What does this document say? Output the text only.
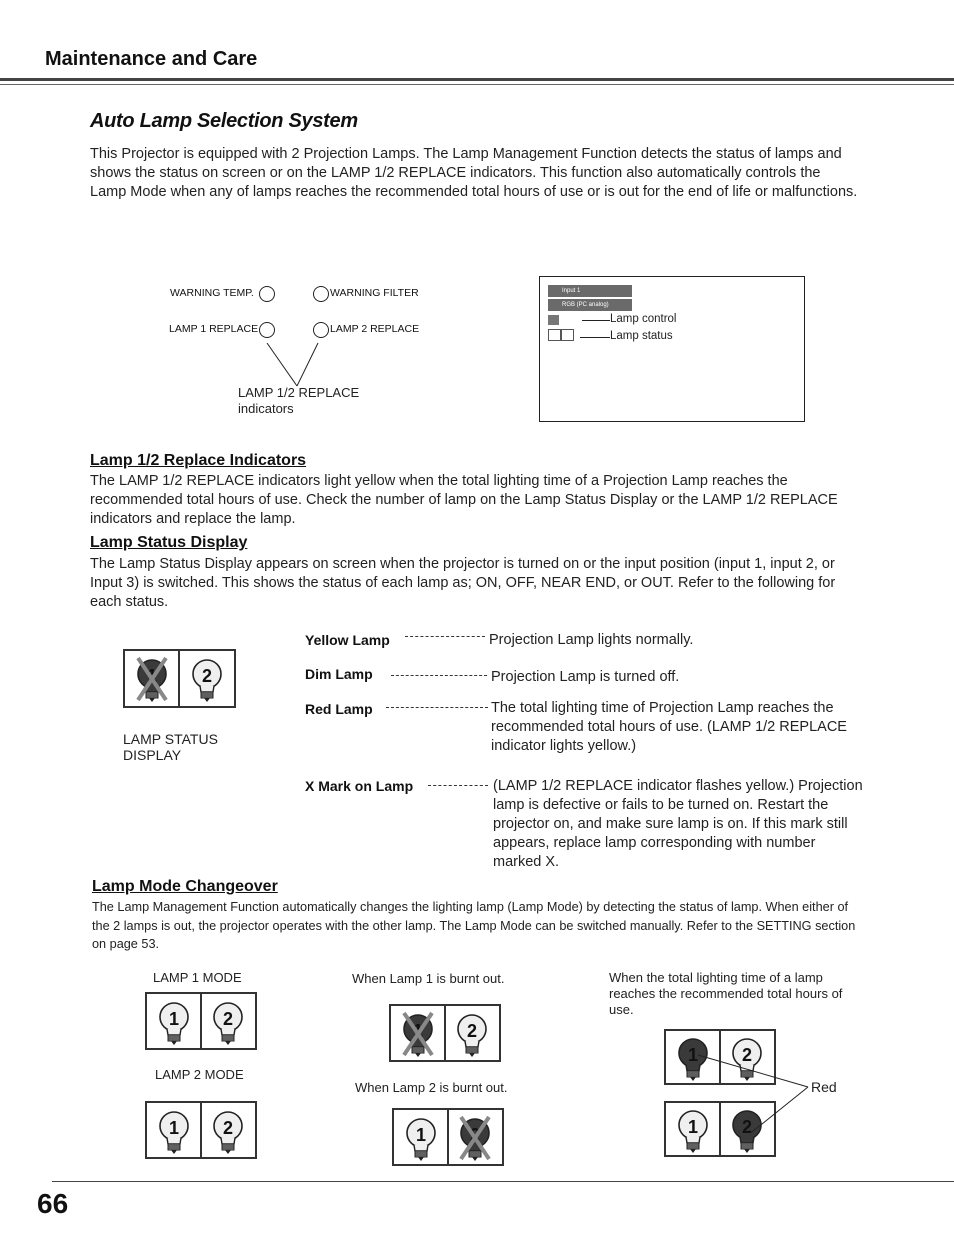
Maintenance and Care
Auto Lamp Selection System
This Projector is equipped with 2 Projection Lamps. The Lamp Management Function detects the status of lamps and shows the status on screen or on the LAMP 1/2 REPLACE indicators. This function also automatically controls the Lamp Mode when any of lamps reaches the recommended total hours of use or is out for the end of life or malfunctions.
WARNING TEMP.	WARNING FILTER
LAMP 1 REPLACE	LAMP 2 REPLACE
LAMP 1/2 REPLACE indicators
Input 1
RGB (PC analog)
Lamp control
Lamp status
Lamp 1/2 Replace Indicators
The LAMP 1/2 REPLACE indicators light yellow when the total lighting time of a Projection Lamp reaches the recommended total hours of use. Check the number of lamp on the Lamp Status Display or the LAMP 1/2 REPLACE indicators and replace the lamp.
Lamp Status Display
The Lamp Status Display appears on screen when the projector is turned on or the input position (input 1, input 2, or Input 3) is switched. This shows the status of each lamp as; ON, OFF, NEAR END, or OUT. Refer to the following for each status.
2
LAMP STATUS DISPLAY
Yellow Lamp	Projection Lamp lights normally.
Dim Lamp	Projection Lamp is turned off.
Red Lamp	The total lighting time of Projection Lamp reaches the recommended total hours of use. (LAMP 1/2 REPLACE indicator lights yellow.)
X Mark on Lamp	(LAMP 1/2 REPLACE indicator flashes yellow.) Projection lamp is defective or fails to be turned on. Restart the projector on, and make sure lamp is on. If this mark still appears, replace lamp corresponding with number marked X.
Lamp Mode Changeover
The Lamp Management Function automatically changes the lighting lamp (Lamp Mode) by detecting the status of lamp. When either of the 2 lamps is out, the projector operates with the other lamp. The Lamp Mode can be switched manually. Refer to the SETTING section on page 53.
LAMP 1 MODE
LAMP 2 MODE
When Lamp 1 is burnt out.
When Lamp 2 is burnt out.
When the total lighting time of a lamp reaches the recommended total hours of use.
1 2
1 2
2
1
1 2
1 2
Red
66
